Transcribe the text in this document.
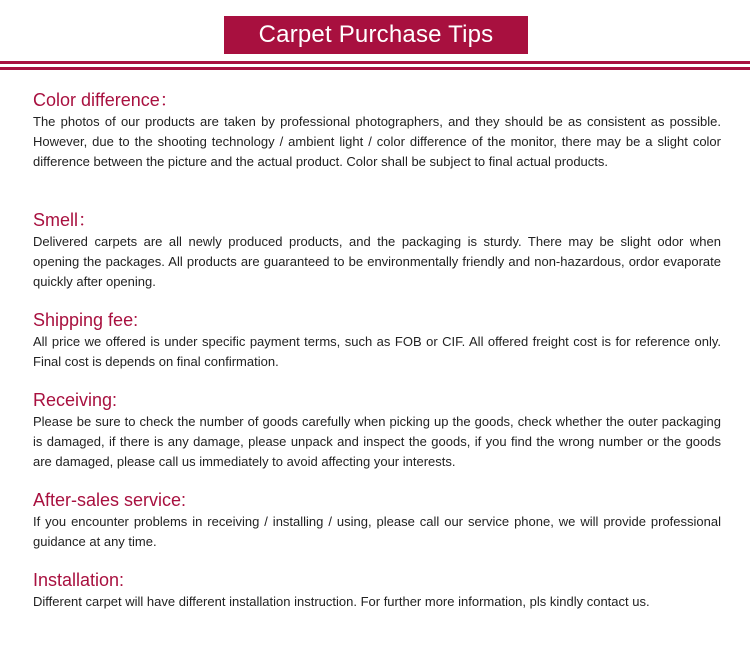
Carpet Purchase Tips
Color difference：

The photos of our products are taken by professional photographers, and they should be as consistent as possible. However, due to the shooting technology / ambient light / color difference of the monitor, there may be a slight color difference between the picture and the actual product. Color shall be subject to final actual products.

Smell：

Delivered carpets are all newly produced products, and the packaging is sturdy. There may be slight odor when opening the packages. All products are guaranteed to be environmentally friendly and non-hazardous, ordor evaporate quickly after opening.

Shipping fee:

All price we offered is under specific payment terms, such as FOB or CIF. All offered freight cost is for reference only. Final cost is depends on final confirmation.

Receiving:

Please be sure to check the number of goods carefully when picking up the goods, check whether the outer packaging is damaged, if there is any damage, please unpack and inspect the goods, if you find the wrong number or the goods are damaged, please call us immediately to avoid affecting your interests.

After-sales service:

If you encounter problems in receiving / installing / using, please call our service phone, we will provide professional guidance at any time.

Installation:

Different carpet will have different installation instruction. For further more information, pls kindly contact us.
